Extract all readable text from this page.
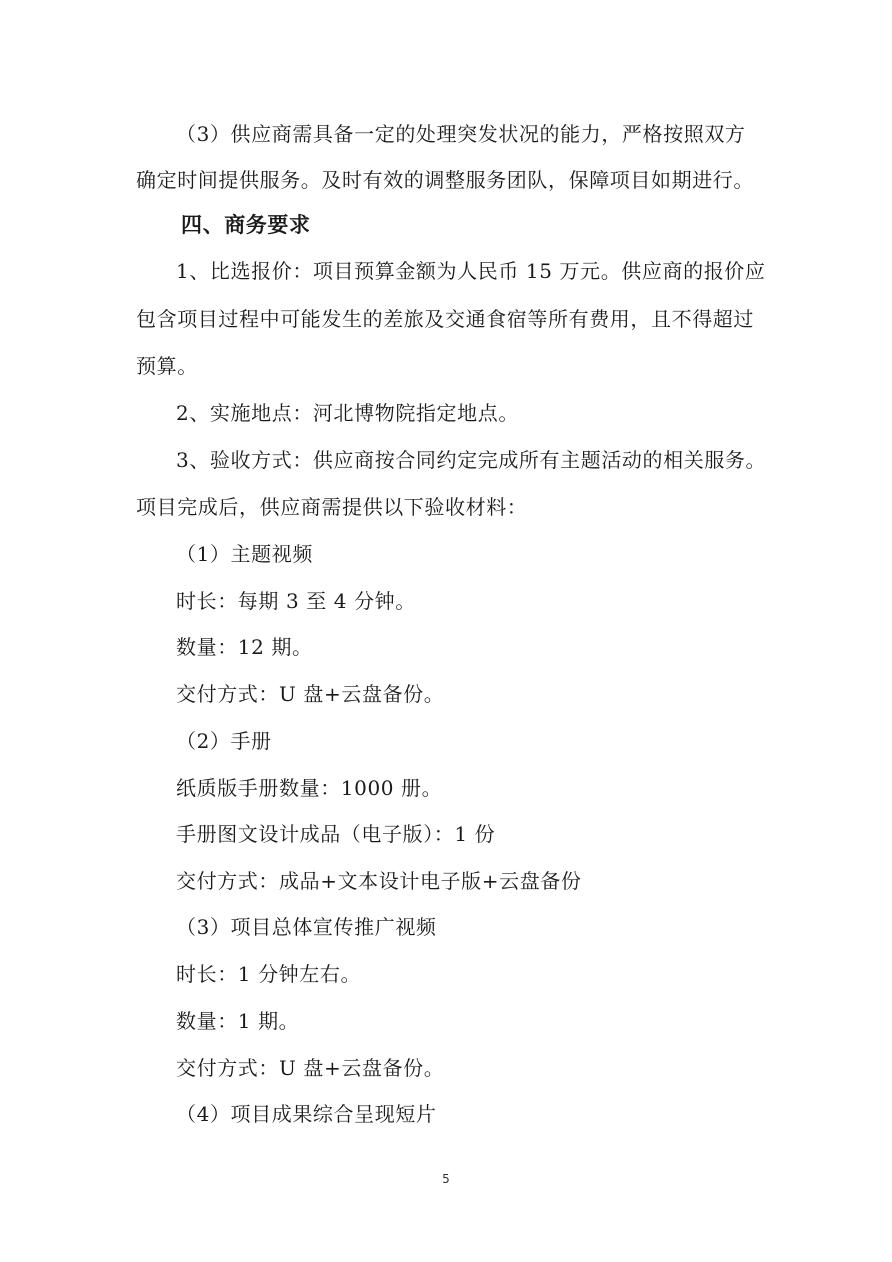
（3）供应商需具备一定的处理突发状况的能力，严格按照双方
确定时间提供服务。及时有效的调整服务团队，保障项目如期进行。
四、商务要求
1、比选报价：项目预算金额为人民币 15 万元。供应商的报价应
包含项目过程中可能发生的差旅及交通食宿等所有费用，且不得超过
预算。
2、实施地点：河北博物院指定地点。
3、验收方式：供应商按合同约定完成所有主题活动的相关服务。
项目完成后，供应商需提供以下验收材料：
（1）主题视频
时长：每期 3 至 4 分钟。
数量：12 期。
交付方式：U 盘+云盘备份。
（2）手册
纸质版手册数量：1000 册。
手册图文设计成品（电子版）：1 份
交付方式：成品+文本设计电子版+云盘备份
（3）项目总体宣传推广视频
时长：1 分钟左右。
数量：1 期。
交付方式：U 盘+云盘备份。
（4）项目成果综合呈现短片
5
